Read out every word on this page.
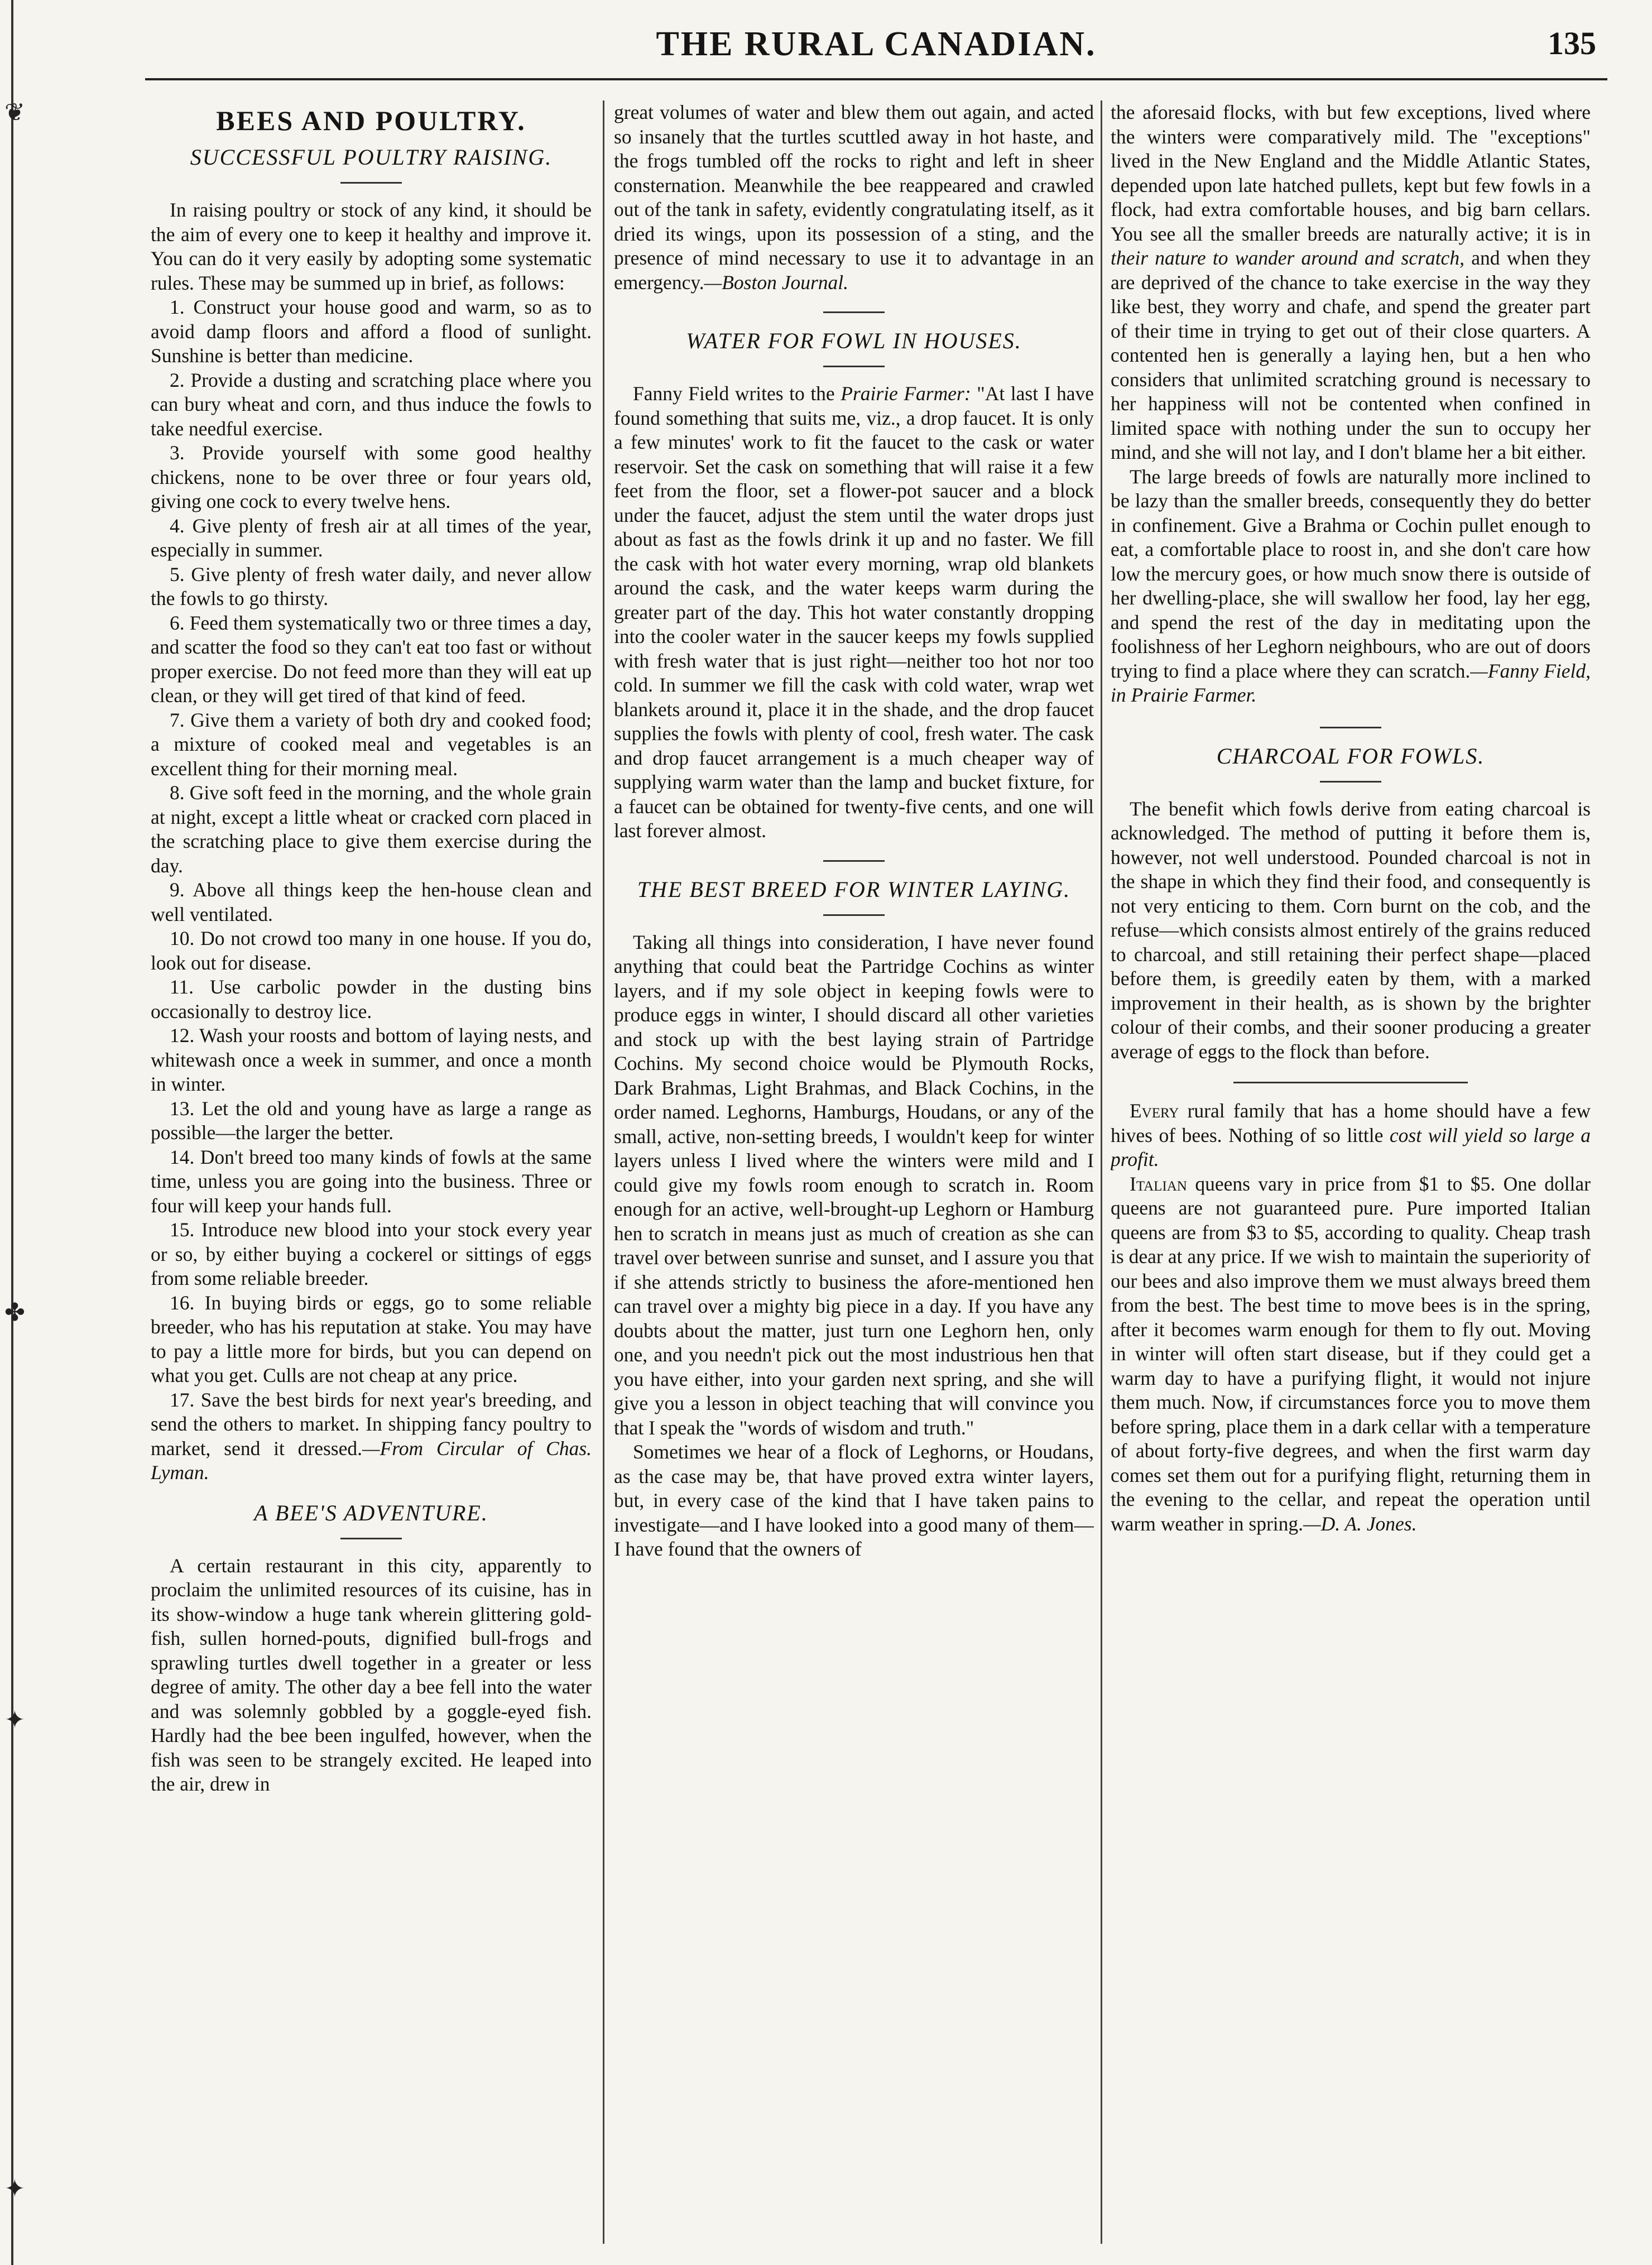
❦
✤
✦
✦
THE RURAL CANADIAN.	135
BEES AND POULTRY.
SUCCESSFUL POULTRY RAISING.

In raising poultry or stock of any kind, it should be the aim of every one to keep it healthy and improve it. You can do it very easily by adopting some systematic rules. These may be summed up in brief, as follows:

1. Construct your house good and warm, so as to avoid damp floors and afford a flood of sunlight. Sunshine is better than medicine.

2. Provide a dusting and scratching place where you can bury wheat and corn, and thus induce the fowls to take needful exercise.

3. Provide yourself with some good healthy chickens, none to be over three or four years old, giving one cock to every twelve hens.

4. Give plenty of fresh air at all times of the year, especially in summer.

5. Give plenty of fresh water daily, and never allow the fowls to go thirsty.

6. Feed them systematically two or three times a day, and scatter the food so they can't eat too fast or without proper exercise. Do not feed more than they will eat up clean, or they will get tired of that kind of feed.

7. Give them a variety of both dry and cooked food; a mixture of cooked meal and vegetables is an excellent thing for their morning meal.

8. Give soft feed in the morning, and the whole grain at night, except a little wheat or cracked corn placed in the scratching place to give them exercise during the day.

9. Above all things keep the hen-house clean and well ventilated.

10. Do not crowd too many in one house. If you do, look out for disease.

11. Use carbolic powder in the dusting bins occasionally to destroy lice.

12. Wash your roosts and bottom of laying nests, and whitewash once a week in summer, and once a month in winter.

13. Let the old and young have as large a range as possible—the larger the better.

14. Don't breed too many kinds of fowls at the same time, unless you are going into the business. Three or four will keep your hands full.

15. Introduce new blood into your stock every year or so, by either buying a cockerel or sittings of eggs from some reliable breeder.

16. In buying birds or eggs, go to some reliable breeder, who has his reputation at stake. You may have to pay a little more for birds, but you can depend on what you get. Culls are not cheap at any price.

17. Save the best birds for next year's breeding, and send the others to market. In shipping fancy poultry to market, send it dressed.—From Circular of Chas. Lyman.

A BEE'S ADVENTURE.

A certain restaurant in this city, apparently to proclaim the unlimited resources of its cuisine, has in its show-window a huge tank wherein glittering gold-fish, sullen horned-pouts, dignified bull-frogs and sprawling turtles dwell together in a greater or less degree of amity. The other day a bee fell into the water and was solemnly gobbled by a goggle-eyed fish. Hardly had the bee been ingulfed, however, when the fish was seen to be strangely excited. He leaped into the air, drew in

great volumes of water and blew them out again, and acted so insanely that the turtles scuttled away in hot haste, and the frogs tumbled off the rocks to right and left in sheer consternation. Meanwhile the bee reappeared and crawled out of the tank in safety, evidently congratulating itself, as it dried its wings, upon its possession of a sting, and the presence of mind necessary to use it to advantage in an emergency.—Boston Journal.

WATER FOR FOWL IN HOUSES.

Fanny Field writes to the Prairie Farmer: "At last I have found something that suits me, viz., a drop faucet. It is only a few minutes' work to fit the faucet to the cask or water reservoir. Set the cask on something that will raise it a few feet from the floor, set a flower-pot saucer and a block under the faucet, adjust the stem until the water drops just about as fast as the fowls drink it up and no faster. We fill the cask with hot water every morning, wrap old blankets around the cask, and the water keeps warm during the greater part of the day. This hot water constantly dropping into the cooler water in the saucer keeps my fowls supplied with fresh water that is just right—neither too hot nor too cold. In summer we fill the cask with cold water, wrap wet blankets around it, place it in the shade, and the drop faucet supplies the fowls with plenty of cool, fresh water. The cask and drop faucet arrangement is a much cheaper way of supplying warm water than the lamp and bucket fixture, for a faucet can be obtained for twenty-five cents, and one will last forever almost.

THE BEST BREED FOR WINTER LAYING.

Taking all things into consideration, I have never found anything that could beat the Partridge Cochins as winter layers, and if my sole object in keeping fowls were to produce eggs in winter, I should discard all other varieties and stock up with the best laying strain of Partridge Cochins. My second choice would be Plymouth Rocks, Dark Brahmas, Light Brahmas, and Black Cochins, in the order named. Leghorns, Hamburgs, Houdans, or any of the small, active, non-setting breeds, I wouldn't keep for winter layers unless I lived where the winters were mild and I could give my fowls room enough to scratch in. Room enough for an active, well-brought-up Leghorn or Hamburg hen to scratch in means just as much of creation as she can travel over between sunrise and sunset, and I assure you that if she attends strictly to business the afore-mentioned hen can travel over a mighty big piece in a day. If you have any doubts about the matter, just turn one Leghorn hen, only one, and you needn't pick out the most industrious hen that you have either, into your garden next spring, and she will give you a lesson in object teaching that will convince you that I speak the "words of wisdom and truth."

Sometimes we hear of a flock of Leghorns, or Houdans, as the case may be, that have proved extra winter layers, but, in every case of the kind that I have taken pains to investigate—and I have looked into a good many of them—I have found that the owners of

the aforesaid flocks, with but few exceptions, lived where the winters were comparatively mild. The "exceptions" lived in the New England and the Middle Atlantic States, depended upon late hatched pullets, kept but few fowls in a flock, had extra comfortable houses, and big barn cellars. You see all the smaller breeds are naturally active; it is in their nature to wander around and scratch, and when they are deprived of the chance to take exercise in the way they like best, they worry and chafe, and spend the greater part of their time in trying to get out of their close quarters. A contented hen is generally a laying hen, but a hen who considers that unlimited scratching ground is necessary to her happiness will not be contented when confined in limited space with nothing under the sun to occupy her mind, and she will not lay, and I don't blame her a bit either.

The large breeds of fowls are naturally more inclined to be lazy than the smaller breeds, consequently they do better in confinement. Give a Brahma or Cochin pullet enough to eat, a comfortable place to roost in, and she don't care how low the mercury goes, or how much snow there is outside of her dwelling-place, she will swallow her food, lay her egg, and spend the rest of the day in meditating upon the foolishness of her Leghorn neighbours, who are out of doors trying to find a place where they can scratch.—Fanny Field, in Prairie Farmer.

CHARCOAL FOR FOWLS.

The benefit which fowls derive from eating charcoal is acknowledged. The method of putting it before them is, however, not well understood. Pounded charcoal is not in the shape in which they find their food, and consequently is not very enticing to them. Corn burnt on the cob, and the refuse—which consists almost entirely of the grains reduced to charcoal, and still retaining their perfect shape—placed before them, is greedily eaten by them, with a marked improvement in their health, as is shown by the brighter colour of their combs, and their sooner producing a greater average of eggs to the flock than before.

Every rural family that has a home should have a few hives of bees. Nothing of so little cost will yield so large a profit.

Italian queens vary in price from $1 to $5. One dollar queens are not guaranteed pure. Pure imported Italian queens are from $3 to $5, according to quality. Cheap trash is dear at any price. If we wish to maintain the superiority of our bees and also improve them we must always breed them from the best. The best time to move bees is in the spring, after it becomes warm enough for them to fly out. Moving in winter will often start disease, but if they could get a warm day to have a purifying flight, it would not injure them much. Now, if circumstances force you to move them before spring, place them in a dark cellar with a temperature of about forty-five degrees, and when the first warm day comes set them out for a purifying flight, returning them in the evening to the cellar, and repeat the operation until warm weather in spring.—D. A. Jones.
